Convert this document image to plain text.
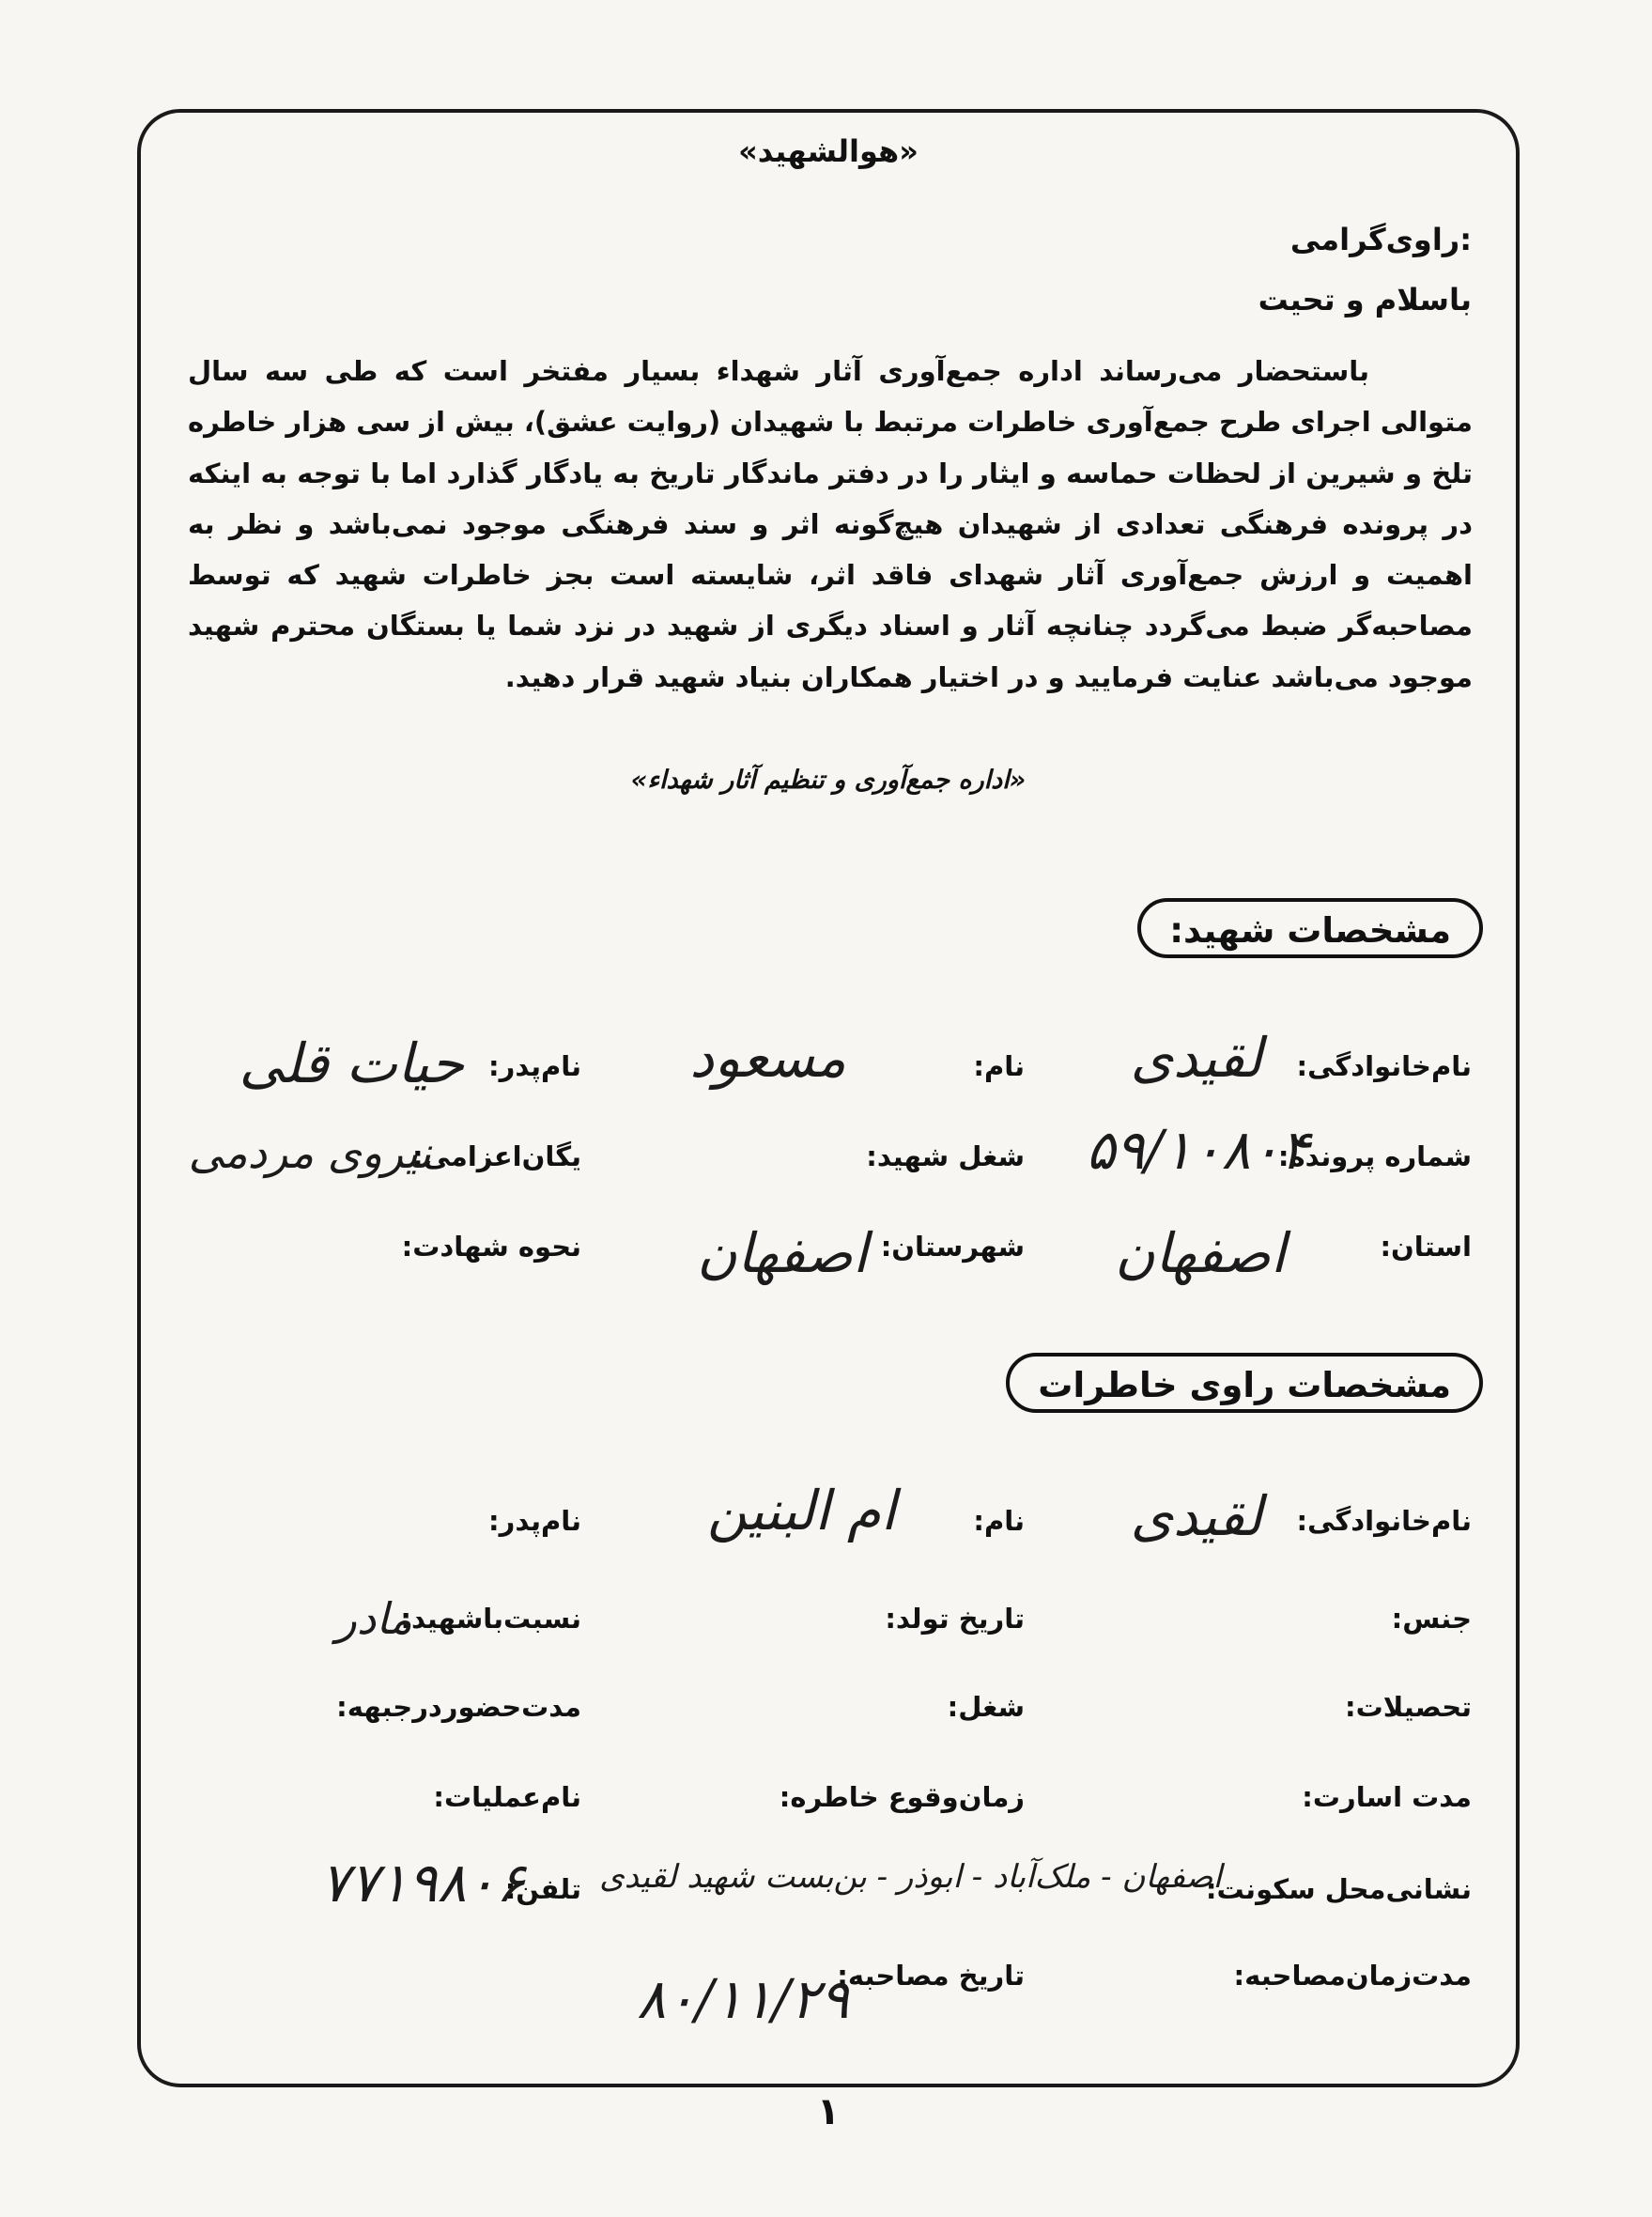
«هوالشهید»
راوی‌گرامی:
باسلام و تحیت

باستحضار می‌رساند اداره جمع‌آوری آثار شهداء بسیار مفتخر است که طی سه سال متوالی اجرای طرح جمع‌آوری خاطرات مرتبط با شهیدان (روایت عشق)، بیش از سی هزار خاطره تلخ و شیرین از لحظات حماسه و ایثار را در دفتر ماندگار تاریخ به یادگار گذارد اما با توجه به اینکه در پرونده فرهنگی تعدادی از شهیدان هیچ‌گونه اثر و سند فرهنگی موجود نمی‌باشد و نظر به اهمیت و ارزش جمع‌آوری آثار شهدای فاقد اثر، شایسته است بجز خاطرات شهید که توسط مصاحبه‌گر ضبط می‌گردد چنانچه آثار و اسناد دیگری از شهید در نزد شما یا بستگان محترم شهید موجود می‌باشد عنایت فرمایید و در اختیار همکاران بنیاد شهید قرار دهید.

«اداره جمع‌آوری و تنظیم آثار شهداء»
مشخصات شهید:
نام‌خانوادگی:
لقیدی
نام:
مسعود
نام‌پدر:
حیات قلی
شماره پرونده:
۵۹/۱۰۸۰۴
شغل شهید:
یگان‌اعزامی:
نیروی مردمی
استان:
اصفهان
شهرستان:
اصفهان
نحوه شهادت:
مشخصات راوی خاطرات
نام‌خانوادگی:
لقیدی
نام:
ام البنین
نام‌پدر:
جنس:
تاریخ تولد:
نسبت‌باشهید:
مادر
تحصیلات:
شغل:
مدت‌حضوردرجبهه:
مدت اسارت:
زمان‌وقوع خاطره:
نام‌عملیات:
نشانی‌محل سکونت:
اصفهان - ملک‌آباد - ابوذر - بن‌بست شهید لقیدی
تلفن:
۷۷۱۹۸۰۶
مدت‌زمان‌مصاحبه:
تاریخ مصاحبه:
۸۰/۱۱/۲۹
۱
